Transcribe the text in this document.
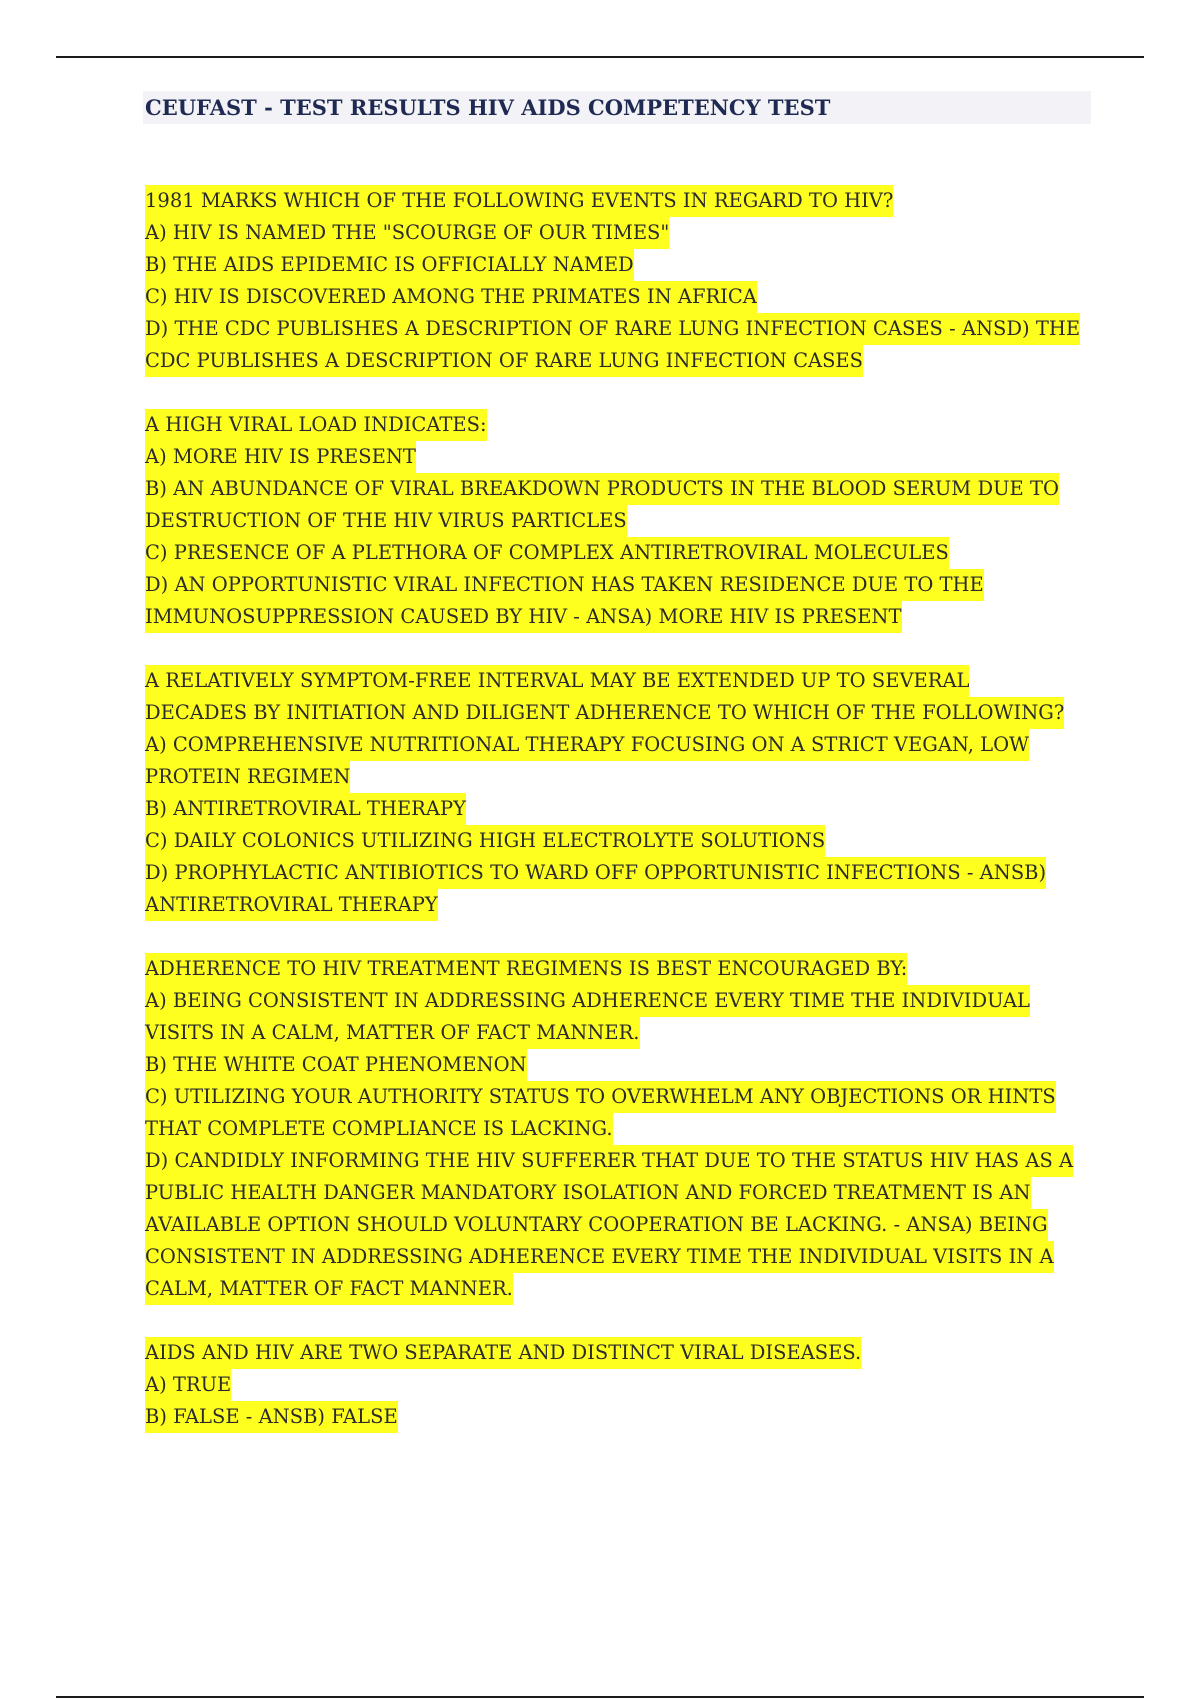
CEUFAST - TEST RESULTS HIV AIDS COMPETENCY TEST
1981 MARKS WHICH OF THE FOLLOWING EVENTS IN REGARD TO HIV?
A) HIV IS NAMED THE "SCOURGE OF OUR TIMES"
B) THE AIDS EPIDEMIC IS OFFICIALLY NAMED
C) HIV IS DISCOVERED AMONG THE PRIMATES IN AFRICA
D) THE CDC PUBLISHES A DESCRIPTION OF RARE LUNG INFECTION CASES - ANSD) THE
CDC PUBLISHES A DESCRIPTION OF RARE LUNG INFECTION CASES
A HIGH VIRAL LOAD INDICATES:
A) MORE HIV IS PRESENT
B) AN ABUNDANCE OF VIRAL BREAKDOWN PRODUCTS IN THE BLOOD SERUM DUE TO
DESTRUCTION OF THE HIV VIRUS PARTICLES
C) PRESENCE OF A PLETHORA OF COMPLEX ANTIRETROVIRAL MOLECULES
D) AN OPPORTUNISTIC VIRAL INFECTION HAS TAKEN RESIDENCE DUE TO THE
IMMUNOSUPPRESSION CAUSED BY HIV - ANSA) MORE HIV IS PRESENT
A RELATIVELY SYMPTOM-FREE INTERVAL MAY BE EXTENDED UP TO SEVERAL
DECADES BY INITIATION AND DILIGENT ADHERENCE TO WHICH OF THE FOLLOWING?
A) COMPREHENSIVE NUTRITIONAL THERAPY FOCUSING ON A STRICT VEGAN, LOW
PROTEIN REGIMEN
B) ANTIRETROVIRAL THERAPY
C) DAILY COLONICS UTILIZING HIGH ELECTROLYTE SOLUTIONS
D) PROPHYLACTIC ANTIBIOTICS TO WARD OFF OPPORTUNISTIC INFECTIONS - ANSB)
ANTIRETROVIRAL THERAPY
ADHERENCE TO HIV TREATMENT REGIMENS IS BEST ENCOURAGED BY:
A) BEING CONSISTENT IN ADDRESSING ADHERENCE EVERY TIME THE INDIVIDUAL
VISITS IN A CALM, MATTER OF FACT MANNER.
B) THE WHITE COAT PHENOMENON
C) UTILIZING YOUR AUTHORITY STATUS TO OVERWHELM ANY OBJECTIONS OR HINTS
THAT COMPLETE COMPLIANCE IS LACKING.
D) CANDIDLY INFORMING THE HIV SUFFERER THAT DUE TO THE STATUS HIV HAS AS A
PUBLIC HEALTH DANGER MANDATORY ISOLATION AND FORCED TREATMENT IS AN
AVAILABLE OPTION SHOULD VOLUNTARY COOPERATION BE LACKING. - ANSA) BEING
CONSISTENT IN ADDRESSING ADHERENCE EVERY TIME THE INDIVIDUAL VISITS IN A
CALM, MATTER OF FACT MANNER.
AIDS AND HIV ARE TWO SEPARATE AND DISTINCT VIRAL DISEASES.
A) TRUE
B) FALSE - ANSB) FALSE
